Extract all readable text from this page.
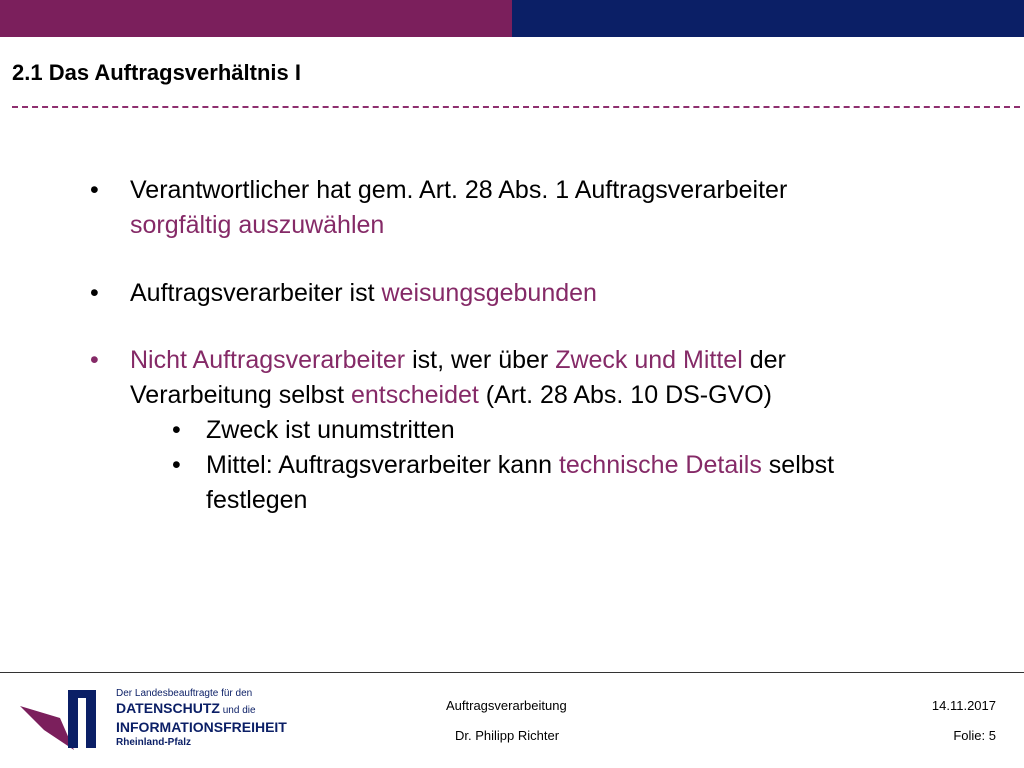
2.1 Das Auftragsverhältnis I
• Verantwortlicher hat gem. Art. 28 Abs. 1 Auftragsverarbeiter
sorgfältig auszuwählen
• Auftragsverarbeiter ist weisungsgebunden
• Nicht Auftragsverarbeiter ist, wer über Zweck und Mittel der
Verarbeitung selbst entscheidet (Art. 28 Abs. 10 DS-GVO)
• Zweck ist unumstritten
• Mittel: Auftragsverarbeiter kann technische Details selbst
festlegen
Der Landesbeauftragte für den
DATENSCHUTZ und die
INFORMATIONSFREIHEIT
Rheinland-Pfalz
Auftragsverarbeitung
Dr. Philipp Richter
14.11.2017
Folie: 5
